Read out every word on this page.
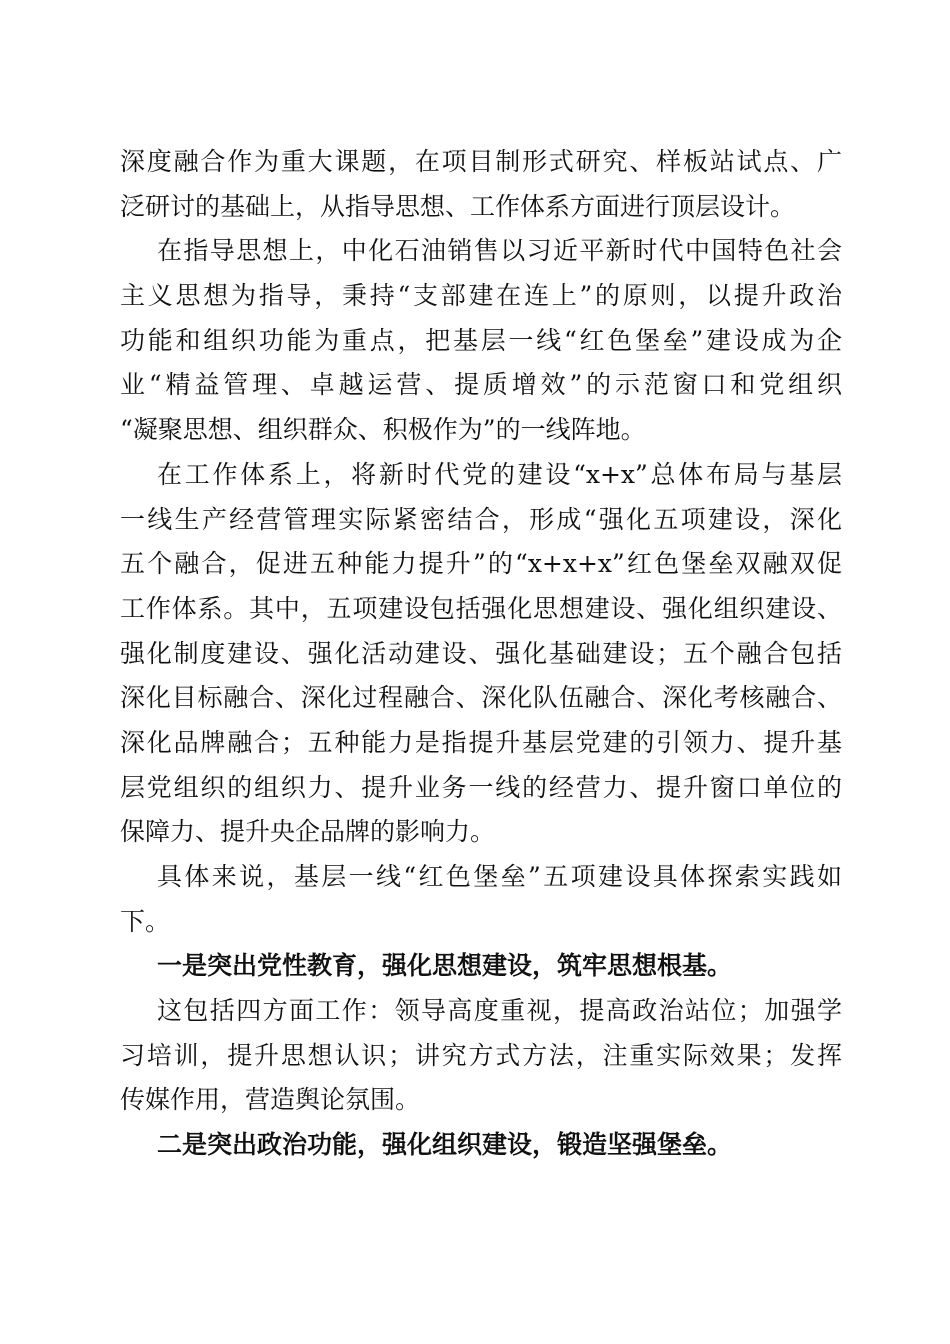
深度融合作为重大课题，在项目制形式研究、样板站试点、广
泛研讨的基础上，从指导思想、工作体系方面进行顶层设计。
在指导思想上，中化石油销售以习近平新时代中国特色社会
主义思想为指导，秉持“支部建在连上”的原则，以提升政治
功能和组织功能为重点，把基层一线“红色堡垒”建设成为企
业“精益管理、卓越运营、提质增效”的示范窗口和党组织
“凝聚思想、组织群众、积极作为”的一线阵地。
在工作体系上，将新时代党的建设“x+x”总体布局与基层
一线生产经营管理实际紧密结合，形成“强化五项建设，深化
五个融合，促进五种能力提升”的“x+x+x”红色堡垒双融双促
工作体系。其中，五项建设包括强化思想建设、强化组织建设、
强化制度建设、强化活动建设、强化基础建设；五个融合包括
深化目标融合、深化过程融合、深化队伍融合、深化考核融合、
深化品牌融合；五种能力是指提升基层党建的引领力、提升基
层党组织的组织力、提升业务一线的经营力、提升窗口单位的
保障力、提升央企品牌的影响力。
具体来说，基层一线“红色堡垒”五项建设具体探索实践如
下。
一是突出党性教育，强化思想建设，筑牢思想根基。
这包括四方面工作：领导高度重视，提高政治站位；加强学
习培训，提升思想认识；讲究方式方法，注重实际效果；发挥
传媒作用，营造舆论氛围。
二是突出政治功能，强化组织建设，锻造坚强堡垒。
